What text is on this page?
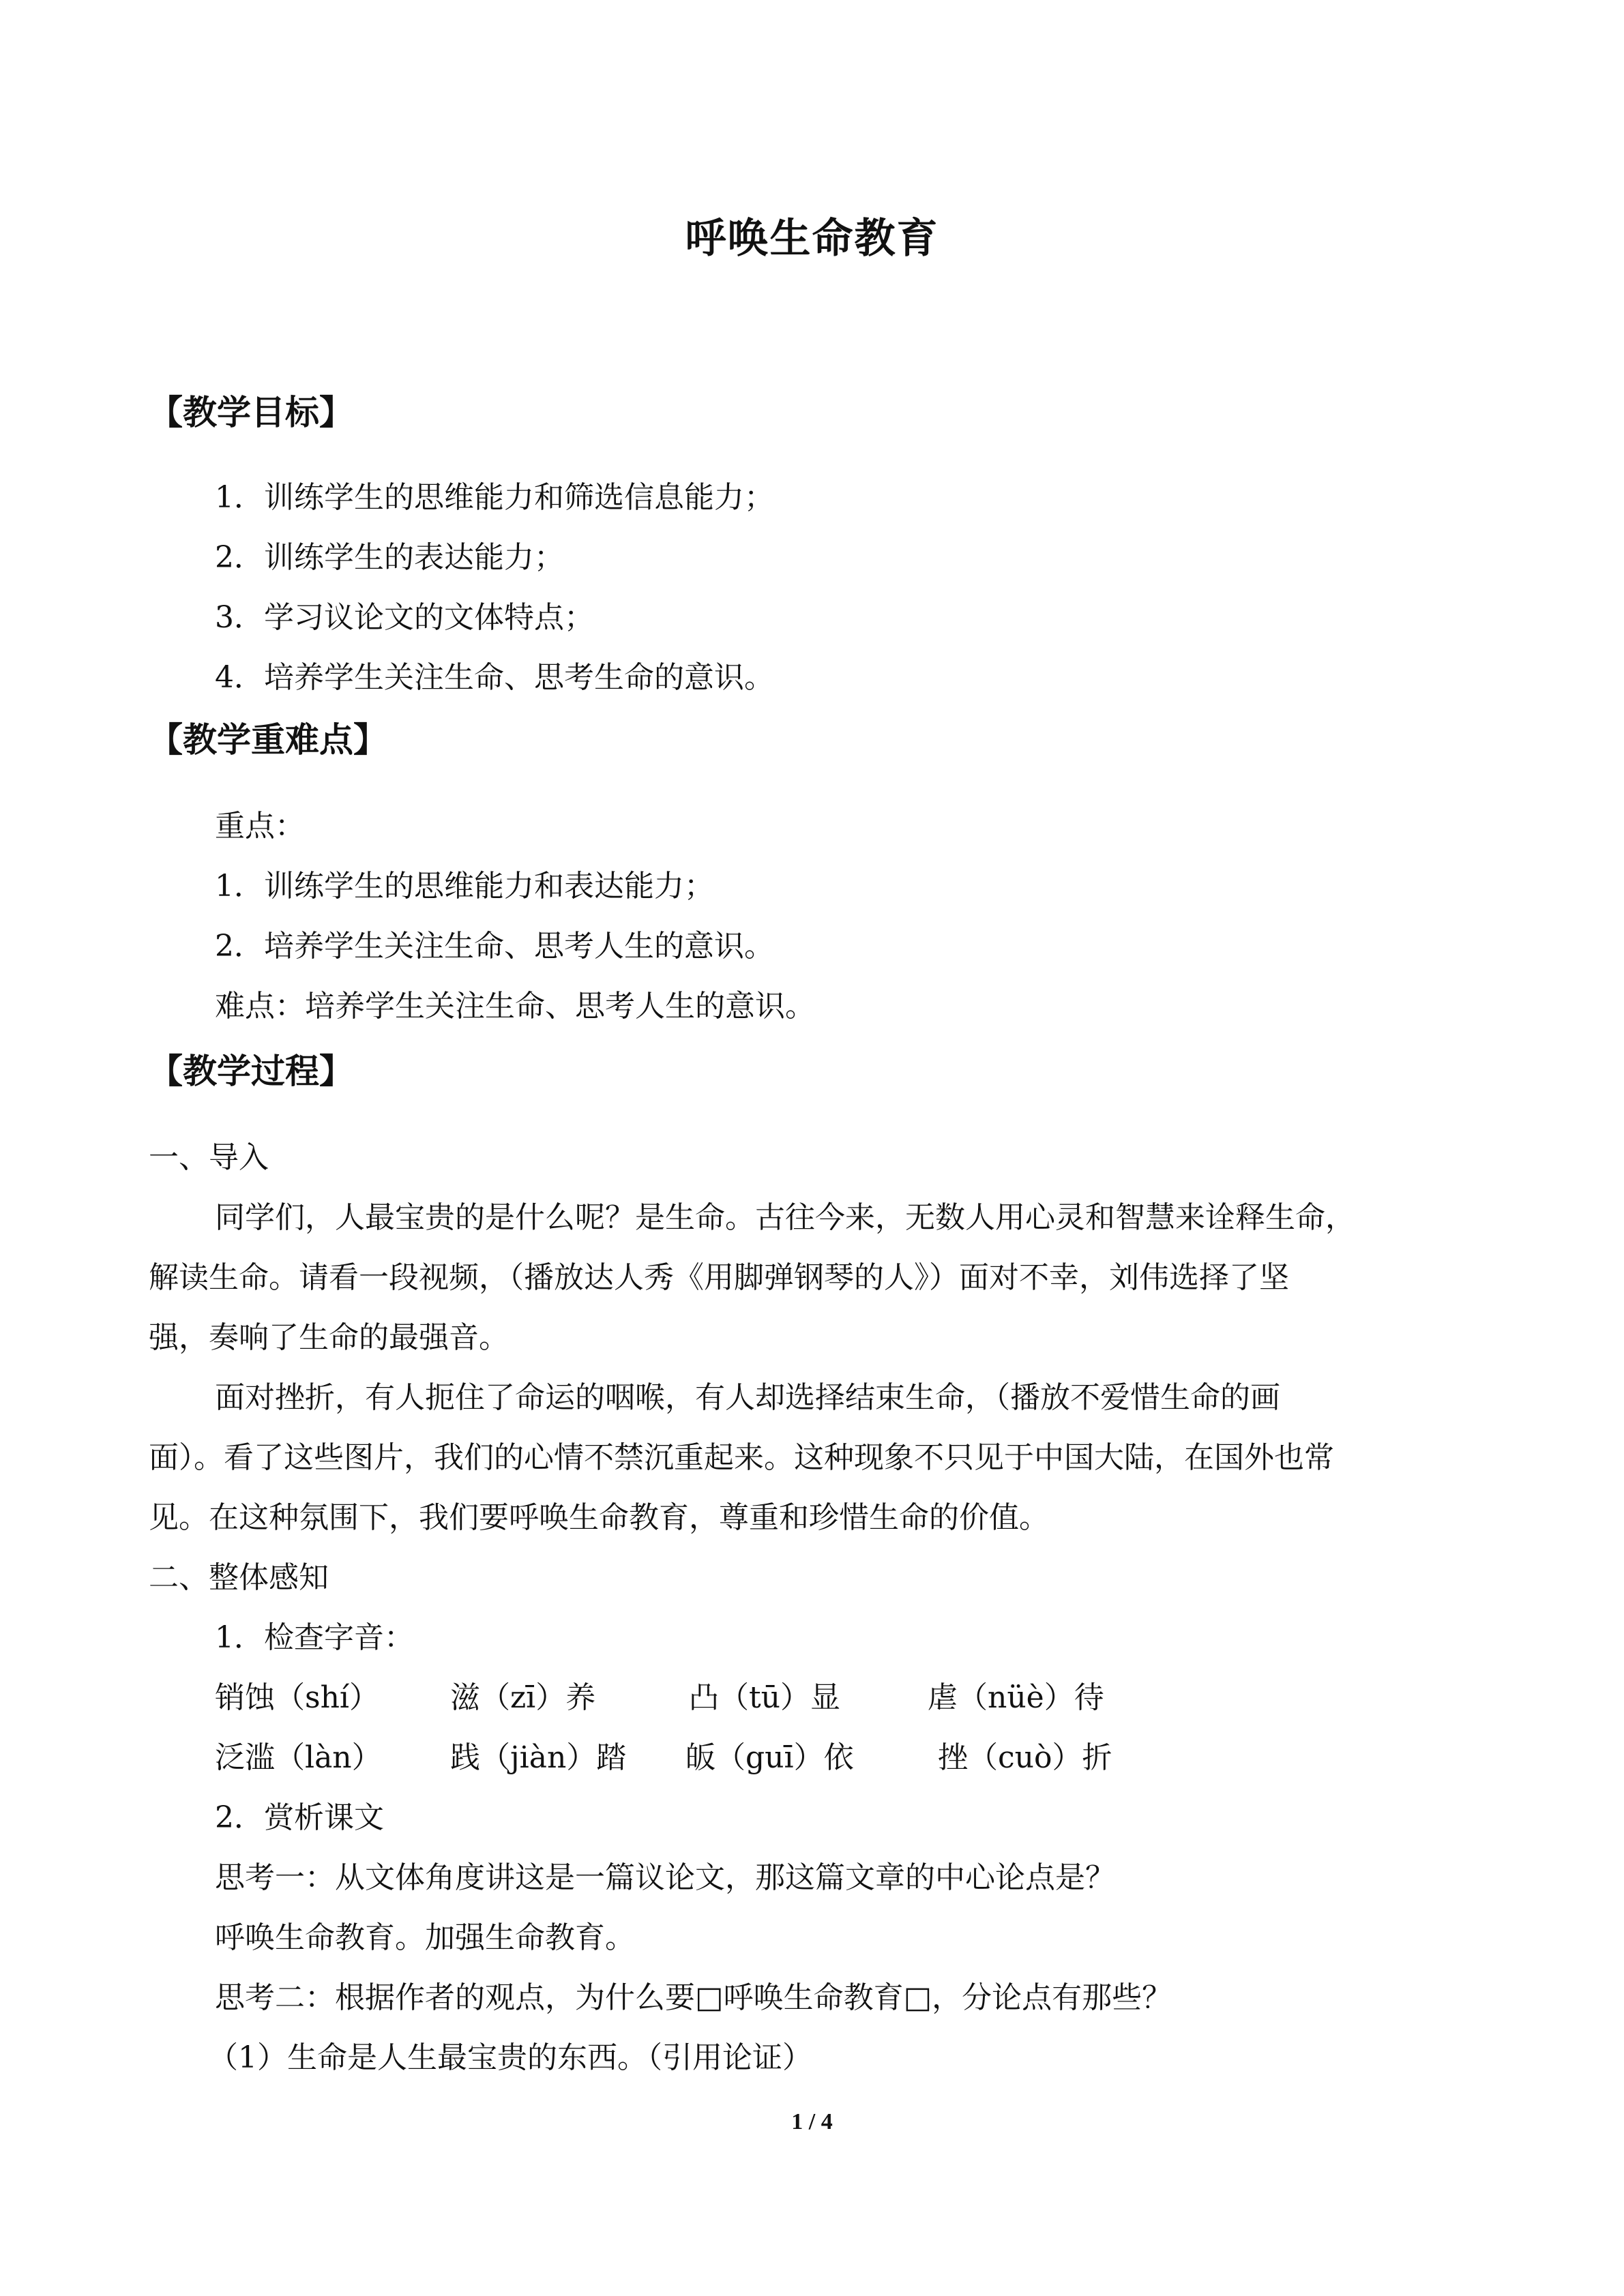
呼唤生命教育
【教学目标】
1．训练学生的思维能力和筛选信息能力；
2．训练学生的表达能力；
3．学习议论文的文体特点；
4．培养学生关注生命、思考生命的意识。
【教学重难点】
重点：
1．训练学生的思维能力和表达能力；
2．培养学生关注生命、思考人生的意识。
难点：培养学生关注生命、思考人生的意识。
【教学过程】
一、导入
同学们，人最宝贵的是什么呢？是生命。古往今来，无数人用心灵和智慧来诠释生命，
解读生命。请看一段视频，（播放达人秀《用脚弹钢琴的人》）面对不幸，刘伟选择了坚
强，奏响了生命的最强音。
面对挫折，有人扼住了命运的咽喉，有人却选择结束生命，（播放不爱惜生命的画
面）。看了这些图片，我们的心情不禁沉重起来。这种现象不只见于中国大陆，在国外也常
见。在这种氛围下，我们要呼唤生命教育，尊重和珍惜生命的价值。
二、整体感知
1．检查字音：
销蚀（shí） 滋（zī）养	凸（tū）显	虐（nüè）待
泛滥（làn） 践（jiàn）踏 皈（guī）依	挫（cuò）折
2．赏析课文
思考一：从文体角度讲这是一篇议论文，那这篇文章的中心论点是？
呼唤生命教育。加强生命教育。
思考二：根据作者的观点，为什么要□呼唤生命教育□，分论点有那些？
（1）生命是人生最宝贵的东西。（引用论证）
1 / 4
